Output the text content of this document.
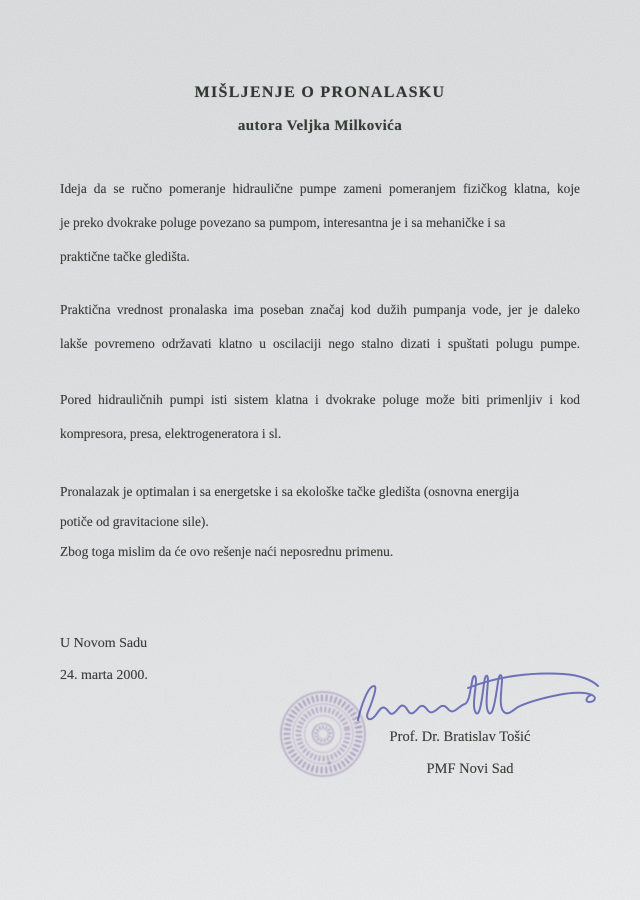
MIŠLJENJE O PRONALASKU
autora Veljka Milkovića
Ideja da se ručno pomeranje hidraulične pumpe zameni pomeranjem fizičkog klatna, koje
je preko dvokrake poluge povezano sa pumpom, interesantna je i sa mehaničke i sa
praktične tačke gledišta.
Praktična vrednost pronalaska ima poseban značaj kod dužih pumpanja vode, jer je daleko
lakše povremeno održavati klatno u oscilaciji nego stalno dizati i spuštati polugu pumpe.
Pored hidrauličnih pumpi isti sistem klatna i dvokrake poluge može biti primenljiv i kod
kompresora, presa, elektrogeneratora i sl.
Pronalazak je optimalan i sa energetske i sa ekološke tačke gledišta (osnovna energija
potiče od gravitacione sile).
Zbog toga mislim da će ovo rešenje naći neposrednu primenu.
U Novom Sadu
24. marta 2000.
Prof. Dr. Bratislav Tošić
PMF Novi Sad
